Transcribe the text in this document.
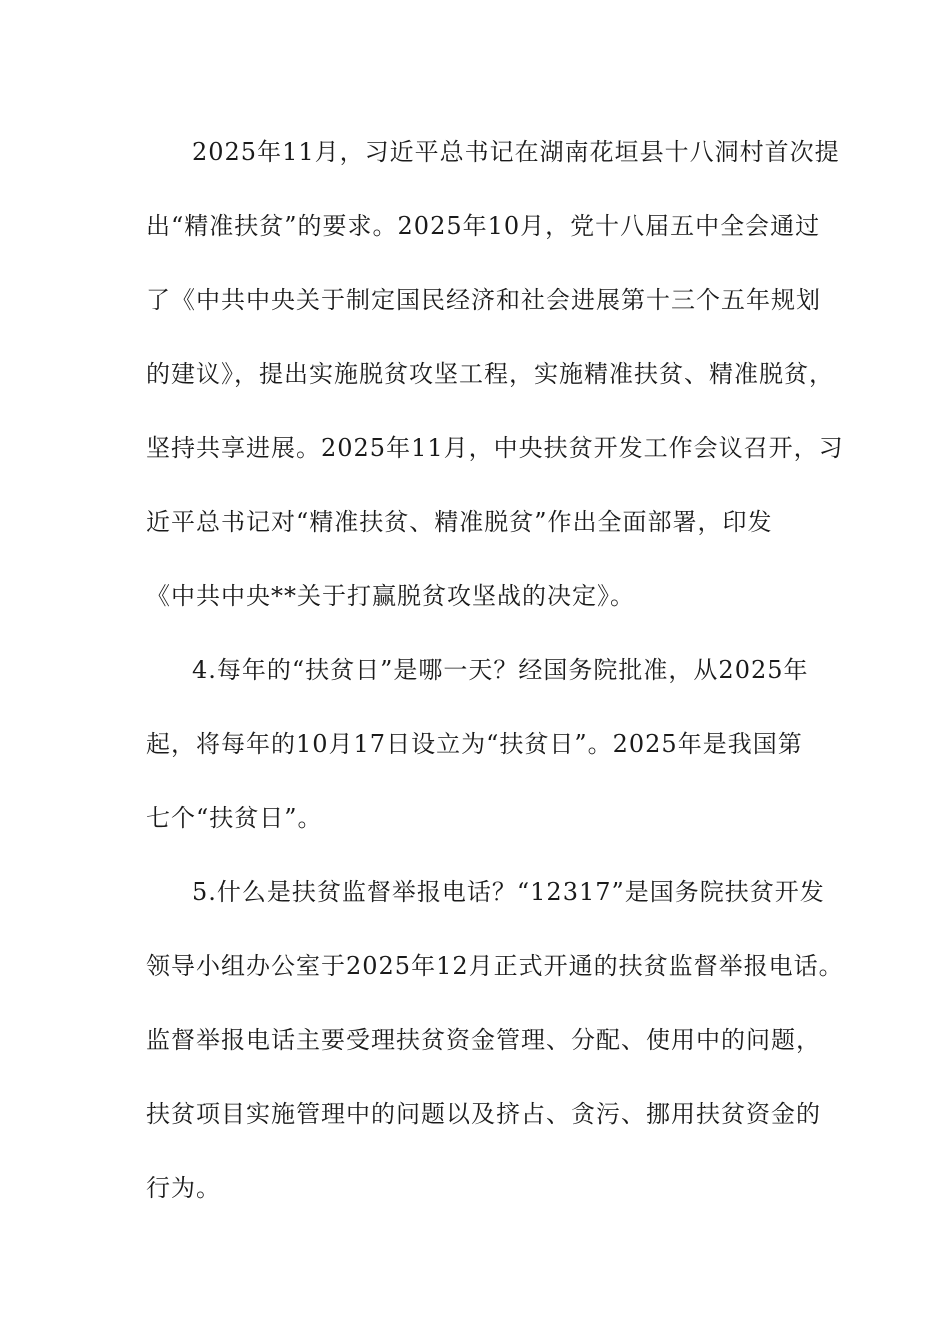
2025年11月，习近平总书记在湖南花垣县十八洞村首次提
出“精准扶贫”的要求。2025年10月，党十八届五中全会通过
了《中共中央关于制定国民经济和社会进展第十三个五年规划
的建议》，提出实施脱贫攻坚工程，实施精准扶贫、精准脱贫，
坚持共享进展。2025年11月，中央扶贫开发工作会议召开，习
近平总书记对“精准扶贫、精准脱贫”作出全面部署，印发
《中共中央**关于打赢脱贫攻坚战的决定》。
4.每年的“扶贫日”是哪一天？经国务院批准，从2025年
起，将每年的10月17日设立为“扶贫日”。2025年是我国第
七个“扶贫日”。
5.什么是扶贫监督举报电话？“12317”是国务院扶贫开发
领导小组办公室于2025年12月正式开通的扶贫监督举报电话。
监督举报电话主要受理扶贫资金管理、分配、使用中的问题，
扶贫项目实施管理中的问题以及挤占、贪污、挪用扶贫资金的
行为。
